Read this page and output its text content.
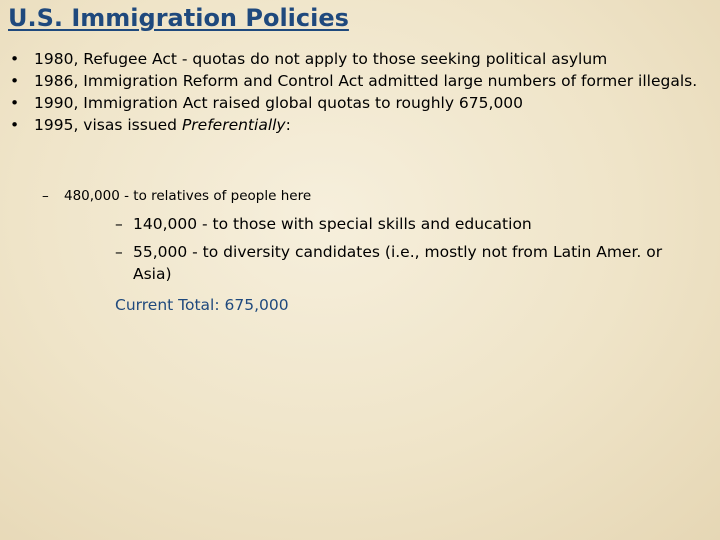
U.S. Immigration Policies
• 1980, Refugee Act - quotas do not apply to those seeking political asylum
• 1986, Immigration Reform and Control Act admitted large numbers of former illegals.
• 1990, Immigration Act raised global quotas to roughly 675,000
• 1995, visas issued Preferentially:
– 480,000 - to relatives of people here
– 140,000 - to those with special skills and education
– 55,000 - to diversity candidates (i.e., mostly not from Latin Amer. or Asia)
Current Total: 675,000
